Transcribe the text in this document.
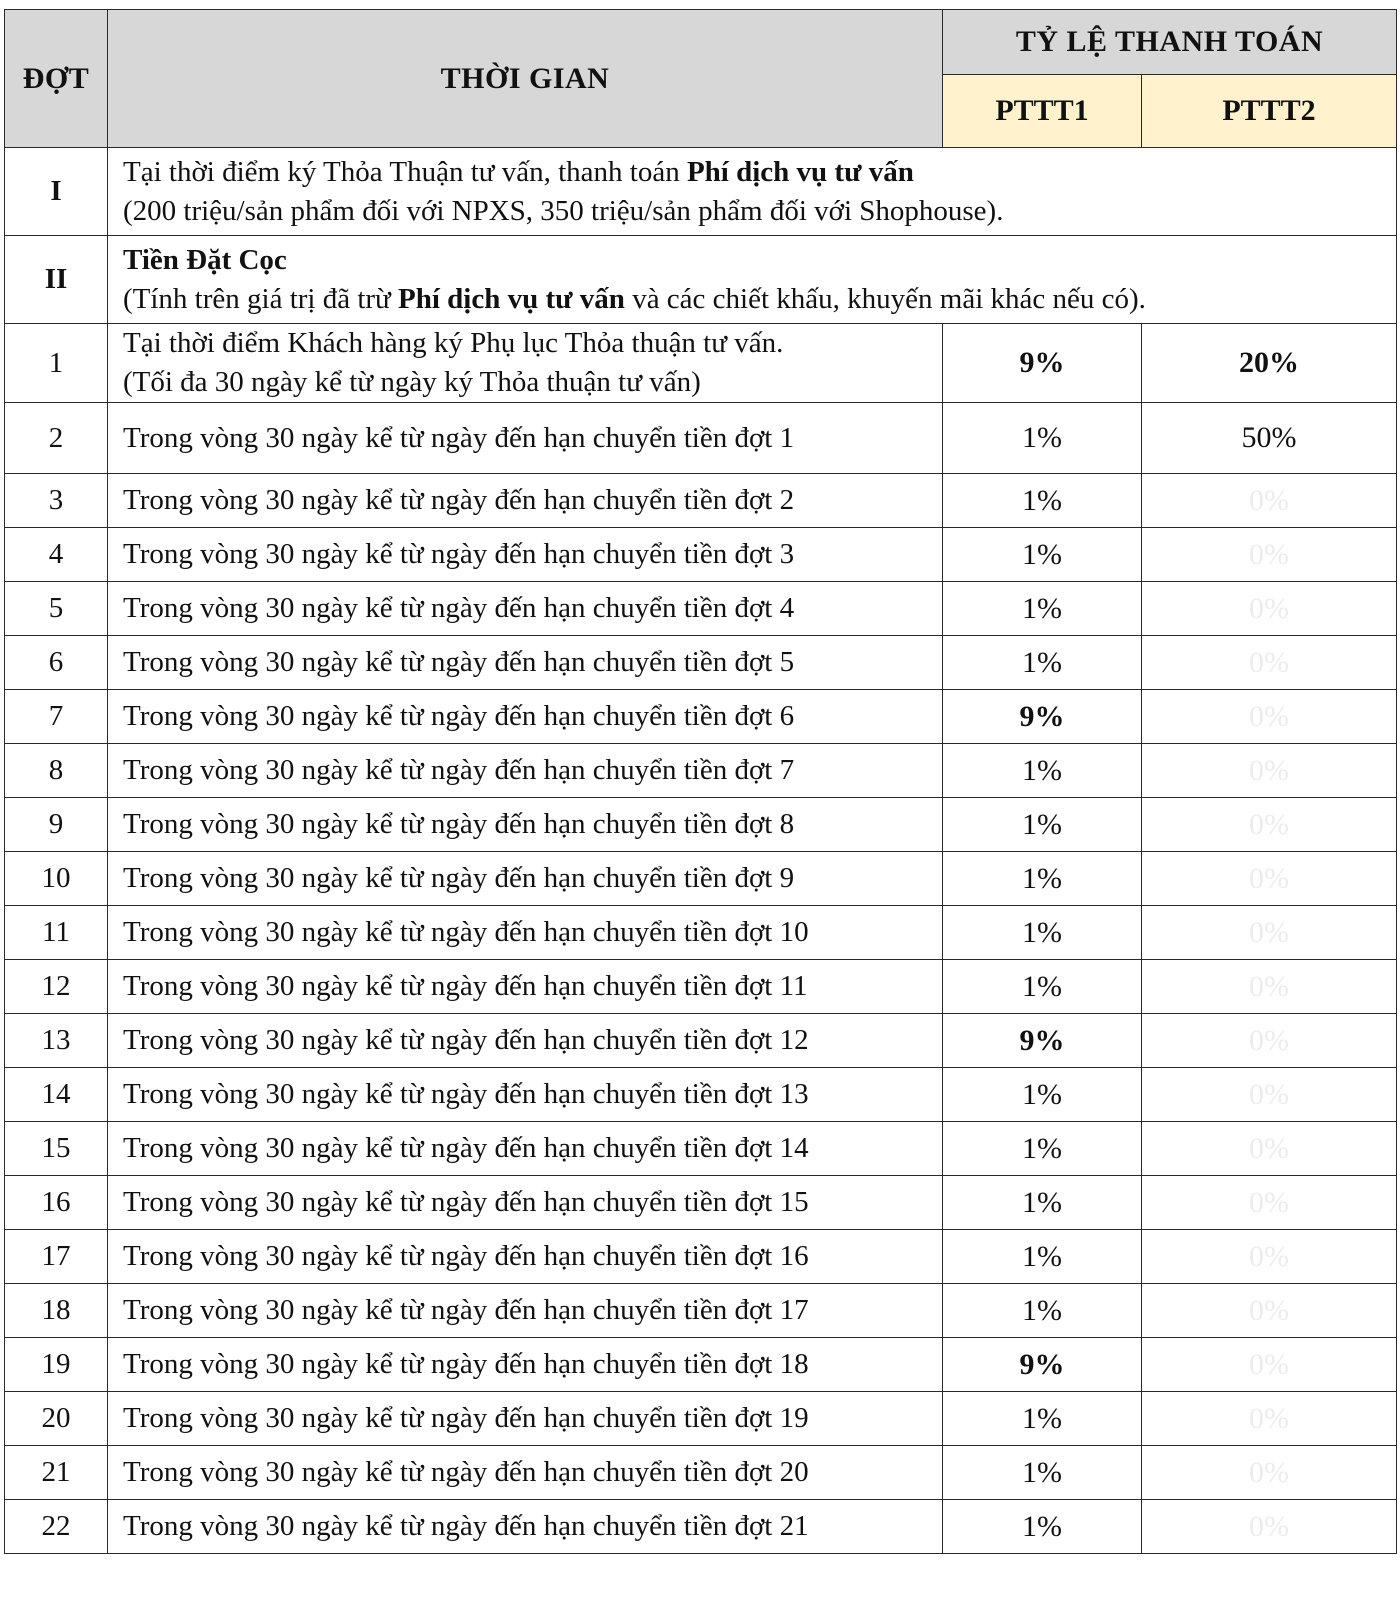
ĐỢT	THỜI GIAN	TỶ LỆ THANH TOÁN	
		PTTT1	PTTT2
I	Tại thời điểm ký Thỏa Thuận tư vấn, thanh toán Phí dịch vụ tư vấn
(200 triệu/sản phẩm đối với NPXS, 350 triệu/sản phẩm đối với Shophouse).		
II	Tiền Đặt Cọc
(Tính trên giá trị đã trừ Phí dịch vụ tư vấn và các chiết khấu, khuyến mãi khác nếu có).		
1	Tại thời điểm Khách hàng ký Phụ lục Thỏa thuận tư vấn.
(Tối đa 30 ngày kể từ ngày ký Thỏa thuận tư vấn)	9%	20%
2	Trong vòng 30 ngày kể từ ngày đến hạn chuyển tiền đợt 1	1%	50%
3	Trong vòng 30 ngày kể từ ngày đến hạn chuyển tiền đợt 2	1%	0%
4	Trong vòng 30 ngày kể từ ngày đến hạn chuyển tiền đợt 3	1%	0%
5	Trong vòng 30 ngày kể từ ngày đến hạn chuyển tiền đợt 4	1%	0%
6	Trong vòng 30 ngày kể từ ngày đến hạn chuyển tiền đợt 5	1%	0%
7	Trong vòng 30 ngày kể từ ngày đến hạn chuyển tiền đợt 6	9%	0%
8	Trong vòng 30 ngày kể từ ngày đến hạn chuyển tiền đợt 7	1%	0%
9	Trong vòng 30 ngày kể từ ngày đến hạn chuyển tiền đợt 8	1%	0%
10	Trong vòng 30 ngày kể từ ngày đến hạn chuyển tiền đợt 9	1%	0%
11	Trong vòng 30 ngày kể từ ngày đến hạn chuyển tiền đợt 10	1%	0%
12	Trong vòng 30 ngày kể từ ngày đến hạn chuyển tiền đợt 11	1%	0%
13	Trong vòng 30 ngày kể từ ngày đến hạn chuyển tiền đợt 12	9%	0%
14	Trong vòng 30 ngày kể từ ngày đến hạn chuyển tiền đợt 13	1%	0%
15	Trong vòng 30 ngày kể từ ngày đến hạn chuyển tiền đợt 14	1%	0%
16	Trong vòng 30 ngày kể từ ngày đến hạn chuyển tiền đợt 15	1%	0%
17	Trong vòng 30 ngày kể từ ngày đến hạn chuyển tiền đợt 16	1%	0%
18	Trong vòng 30 ngày kể từ ngày đến hạn chuyển tiền đợt 17	1%	0%
19	Trong vòng 30 ngày kể từ ngày đến hạn chuyển tiền đợt 18	9%	0%
20	Trong vòng 30 ngày kể từ ngày đến hạn chuyển tiền đợt 19	1%	0%
21	Trong vòng 30 ngày kể từ ngày đến hạn chuyển tiền đợt 20	1%	0%
22	Trong vòng 30 ngày kể từ ngày đến hạn chuyển tiền đợt 21	1%	0%
